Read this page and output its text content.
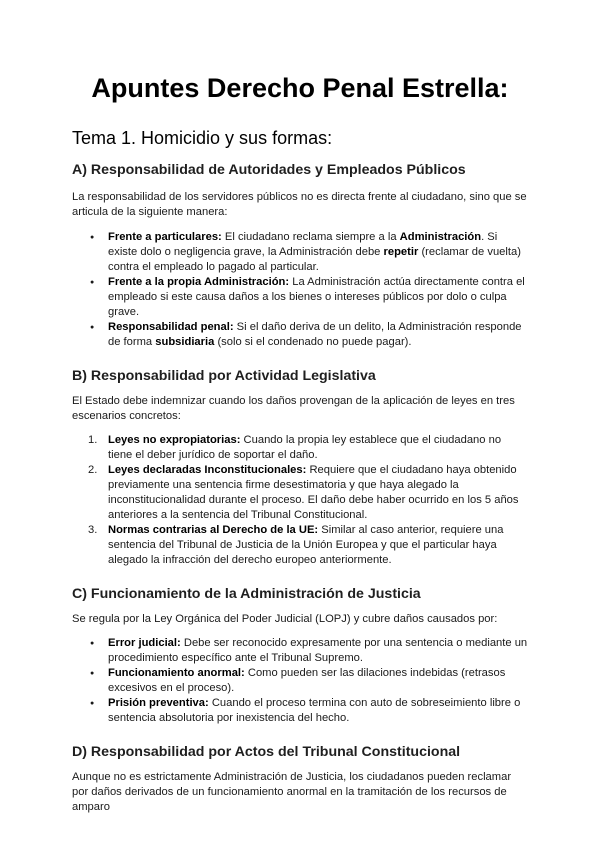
Apuntes Derecho Penal Estrella:
Tema 1. Homicidio y sus formas:
A) Responsabilidad de Autoridades y Empleados Públicos

La responsabilidad de los servidores públicos no es directa frente al ciudadano, sino que se articula de la siguiente manera:

● Frente a particulares: El ciudadano reclama siempre a la Administración. Si existe dolo o negligencia grave, la Administración debe repetir (reclamar de vuelta) contra el empleado lo pagado al particular.
● Frente a la propia Administración: La Administración actúa directamente contra el empleado si este causa daños a los bienes o intereses públicos por dolo o culpa grave.
● Responsabilidad penal: Si el daño deriva de un delito, la Administración responde de forma subsidiaria (solo si el condenado no puede pagar).
B) Responsabilidad por Actividad Legislativa

El Estado debe indemnizar cuando los daños provengan de la aplicación de leyes en tres escenarios concretos:

1. Leyes no expropiatorias: Cuando la propia ley establece que el ciudadano no tiene el deber jurídico de soportar el daño.
2. Leyes declaradas Inconstitucionales: Requiere que el ciudadano haya obtenido previamente una sentencia firme desestimatoria y que haya alegado la inconstitucionalidad durante el proceso. El daño debe haber ocurrido en los 5 años anteriores a la sentencia del Tribunal Constitucional.
3. Normas contrarias al Derecho de la UE: Similar al caso anterior, requiere una sentencia del Tribunal de Justicia de la Unión Europea y que el particular haya alegado la infracción del derecho europeo anteriormente.
C) Funcionamiento de la Administración de Justicia

Se regula por la Ley Orgánica del Poder Judicial (LOPJ) y cubre daños causados por:

● Error judicial: Debe ser reconocido expresamente por una sentencia o mediante un procedimiento específico ante el Tribunal Supremo.
● Funcionamiento anormal: Como pueden ser las dilaciones indebidas (retrasos excesivos en el proceso).
● Prisión preventiva: Cuando el proceso termina con auto de sobreseimiento libre o sentencia absolutoria por inexistencia del hecho.
D) Responsabilidad por Actos del Tribunal Constitucional

Aunque no es estrictamente Administración de Justicia, los ciudadanos pueden reclamar por daños derivados de un funcionamiento anormal en la tramitación de los recursos de amparo
